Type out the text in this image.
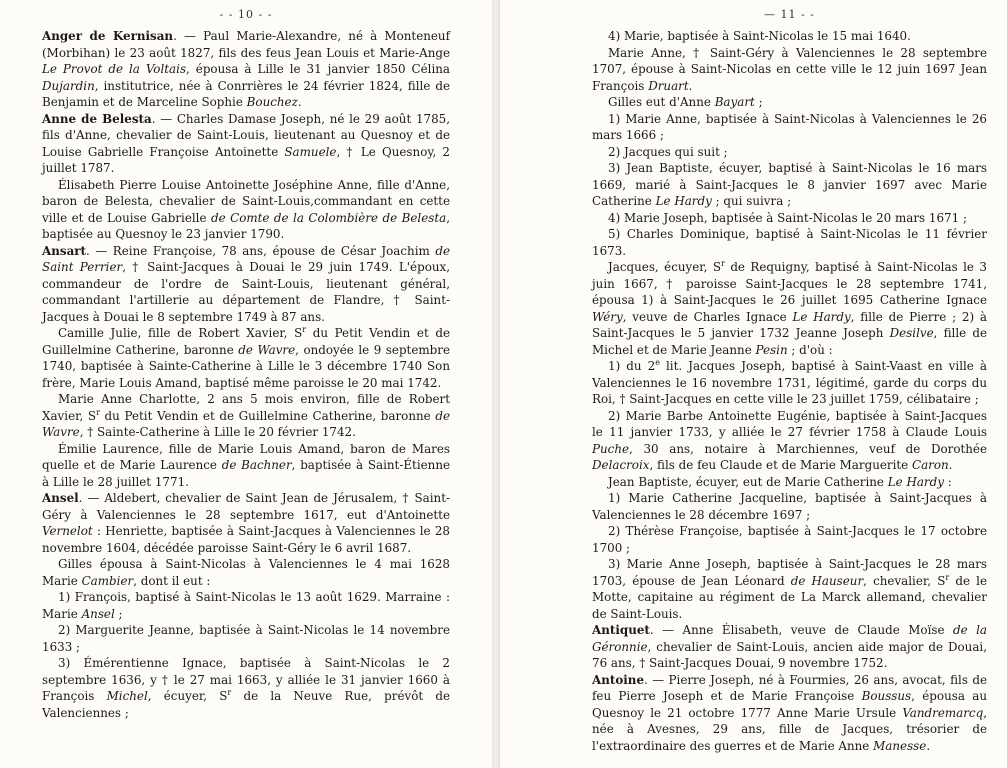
- - 10 - -

Anger de Kernisan. — Paul Marie-Alexandre, né à Monteneuf (Morbihan) le 23 août 1827, fils des feus Jean Louis et Marie-Ange Le Provot de la Voltais, épousa à Lille le 31 janvier 1850 Célina Dujardin, institutrice, née à Conrrières le 24 février 1824, fille de Benjamin et de Marceline Sophie Bouchez.

Anne de Belesta. — Charles Damase Joseph, né le 29 août 1785, fils d'Anne, chevalier de Saint-Louis, lieutenant au Quesnoy et de Louise Gabrielle Françoise Antoinette Samuele, † Le Quesnoy, 2 juillet 1787.

Élisabeth Pierre Louise Antoinette Joséphine Anne, fille d'Anne, baron de Belesta, chevalier de Saint-Louis,commandant en cette ville et de Louise Gabrielle de Comte de la Colombière de Belesta, baptisée au Quesnoy le 23 janvier 1790.

Ansart. — Reine Françoise, 78 ans, épouse de César Joachim de Saint Perrier, † Saint-Jacques à Douai le 29 juin 1749. L'époux, commandeur de l'ordre de Saint-Louis, lieutenant général, commandant l'artillerie au département de Flandre, † Saint-Jacques à Douai le 8 septembre 1749 à 87 ans.

Camille Julie, fille de Robert Xavier, $S^r$ du Petit Vendin et de Guillelmine Catherine, baronne de Wavre, ondoyée le 9 septembre 1740, baptisée à Sainte-Catherine à Lille le 3 décembre 1740 Son frère, Marie Louis Amand, baptisé même paroisse le 20 mai 1742.

Marie Anne Charlotte, 2 ans 5 mois environ, fille de Robert Xavier, $S^r$ du Petit Vendin et de Guillelmine Catherine, baronne de Wavre, † Sainte-Catherine à Lille le 20 février 1742.

Émilie Laurence, fille de Marie Louis Amand, baron de Mares quelle et de Marie Laurence de Bachner, baptisée à Saint-Étienne à Lille le 28 juillet 1771.

Ansel. — Aldebert, chevalier de Saint Jean de Jérusalem, † Saint-Géry à Valenciennes le 28 septembre 1617, eut d'Antoinette Vernelot : Henriette, baptisée à Saint-Jacques à Valenciennes le 28 novembre 1604, décédée paroisse Saint-Géry le 6 avril 1687.

Gilles épousa à Saint-Nicolas à Valenciennes le 4 mai 1628 Marie Cambier, dont il eut :

1) François, baptisé à Saint-Nicolas le 13 août 1629. Marraine : Marie Ansel ;

2) Marguerite Jeanne, baptisée à Saint-Nicolas le 14 novembre 1633 ;

3) Émérentienne Ignace, baptisée à Saint-Nicolas le 2 septembre 1636, y † le 27 mai 1663, y alliée le 31 janvier 1660 à François Michel, écuyer, $S^r$ de la Neuve Rue, prévôt de Valenciennes ;

— 11 - -

4) Marie, baptisée à Saint-Nicolas le 15 mai 1640.

Marie Anne, † Saint-Géry à Valenciennes le 28 septembre 1707, épouse à Saint-Nicolas en cette ville le 12 juin 1697 Jean François Druart.

Gilles eut d'Anne Bayart ;

1) Marie Anne, baptisée à Saint-Nicolas à Valenciennes le 26 mars 1666 ;

2) Jacques qui suit ;

3) Jean Baptiste, écuyer, baptisé à Saint-Nicolas le 16 mars 1669, marié à Saint-Jacques le 8 janvier 1697 avec Marie Catherine Le Hardy ; qui suivra ;

4) Marie Joseph, baptisée à Saint-Nicolas le 20 mars 1671 ;

5) Charles Dominique, baptisé à Saint-Nicolas le 11 février 1673.

Jacques, écuyer, $S^r$ de Requigny, baptisé à Saint-Nicolas le 3 juin 1667, † paroisse Saint-Jacques le 28 septembre 1741, épousa 1) à Saint-Jacques le 26 juillet 1695 Catherine Ignace Wéry, veuve de Charles Ignace Le Hardy, fille de Pierre ; 2) à Saint-Jacques le 5 janvier 1732 Jeanne Joseph Desilve, fille de Michel et de Marie Jeanne Pesin ; d'où :

1) du 2e lit. Jacques Joseph, baptisé à Saint-Vaast en ville à Valenciennes le 16 novembre 1731, légitimé, garde du corps du Roi, † Saint-Jacques en cette ville le 23 juillet 1759, célibataire ;

2) Marie Barbe Antoinette Eugénie, baptisée à Saint-Jacques le 11 janvier 1733, y alliée le 27 février 1758 à Claude Louis Puche, 30 ans, notaire à Marchiennes, veuf de Dorothée Delacroix, fils de feu Claude et de Marie Marguerite Caron.

Jean Baptiste, écuyer, eut de Marie Catherine Le Hardy :

1) Marie Catherine Jacqueline, baptisée à Saint-Jacques à Valenciennes le 28 décembre 1697 ;

2) Thérèse Françoise, baptisée à Saint-Jacques le 17 octobre 1700 ;

3) Marie Anne Joseph, baptisée à Saint-Jacques le 28 mars 1703, épouse de Jean Léonard de Hauseur, chevalier, $S^r$ de le Motte, capitaine au régiment de La Marck allemand, chevalier de Saint-Louis.

Antiquet. — Anne Élisabeth, veuve de Claude Moïse de la Géronnie, chevalier de Saint-Louis, ancien aide major de Douai, 76 ans, † Saint-Jacques Douai, 9 novembre 1752.

Antoine. — Pierre Joseph, né à Fourmies, 26 ans, avocat, fils de feu Pierre Joseph et de Marie Françoise Boussus, épousa au Quesnoy le 21 octobre 1777 Anne Marie Ursule Vandremarcq, née à Avesnes, 29 ans, fille de Jacques, trésorier de l'extraordinaire des guerres et de Marie Anne Manesse.
